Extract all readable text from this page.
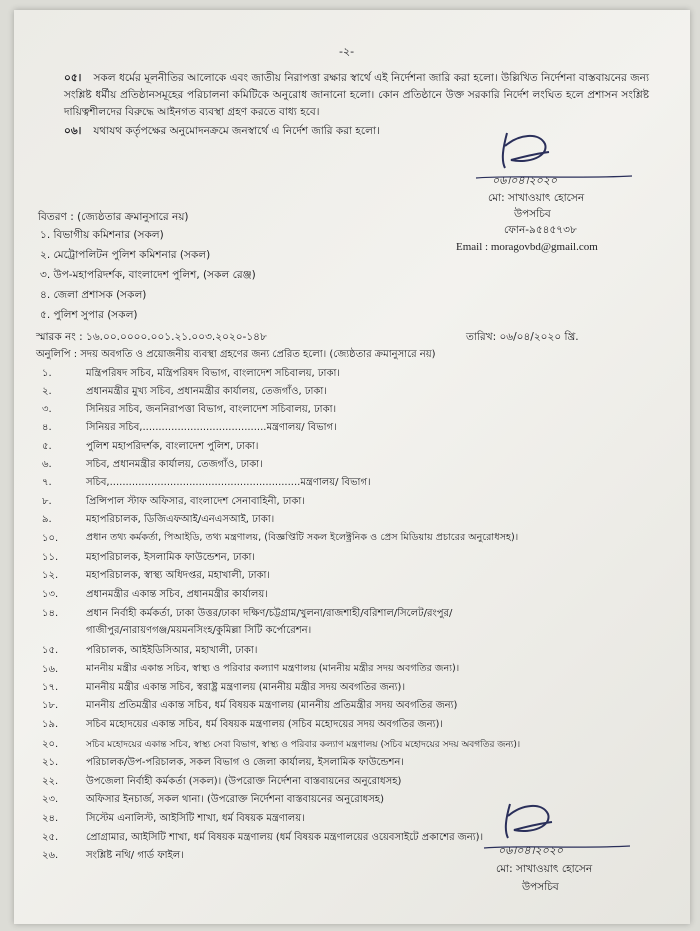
-২-
০৫। সকল ধর্মের মূলনীতির আলোকে এবং জাতীয় নিরাপত্তা রক্ষার স্বার্থে এই নির্দেশনা জারি করা হলো। উল্লিখিত নির্দেশনা বাস্তবায়নের জন্য সংশ্লিষ্ট ধর্মীয় প্রতিষ্ঠানসমূহের পরিচালনা কমিটিকে অনুরোধ জানানো হলো। কোন প্রতিষ্ঠানে উক্ত সরকারি নির্দেশ লংঘিত হলে প্রশাসন সংশ্লিষ্ট দায়িত্বশীলদের বিরুদ্ধে আইনগত ব্যবস্থা গ্রহণ করতে বাধ্য হবে।
০৬। যথাযথ কর্তৃপক্ষের অনুমোদনক্রমে জনস্বার্থে এ নির্দেশ জারি করা হলো।
০৬।০৪।২০২০
মো: সাখাওয়াৎ হোসেন
উপসচিব
ফোন-৯৫৪৫৭৩৮
Email : moragovbd@gmail.com
বিতরণ : (জ্যেষ্ঠতার ক্রমানুসারে নয়)
১. বিভাগীয় কমিশনার (সকল)
২. মেট্রোপলিটন পুলিশ কমিশনার (সকল)
৩. উপ-মহাপরিদর্শক, বাংলাদেশ পুলিশ, (সকল রেঞ্জ)
৪. জেলা প্রশাসক (সকল)
৫. পুলিশ সুপার (সকল)
স্মারক নং : ১৬.০০.০০০০.০০১.২১.০০৩.২০২০-১৪৮	তারিখ: ০৬/০৪/২০২০ খ্রি.
অনুলিপি : সদয় অবগতি ও প্রয়োজনীয় ব্যবস্থা গ্রহণের জন্য প্রেরিত হলো। (জ্যেষ্ঠতার ক্রমানুসারে নয়)
১.	মন্ত্রিপরিষদ সচিব, মন্ত্রিপরিষদ বিভাগ, বাংলাদেশ সচিবালয়, ঢাকা।
২.	প্রধানমন্ত্রীর মুখ্য সচিব, প্রধানমন্ত্রীর কার্যালয়, তেজগাঁও, ঢাকা।
৩.	সিনিয়র সচিব, জননিরাপত্তা বিভাগ, বাংলাদেশ সচিবালয়, ঢাকা।
৪.	সিনিয়র সচিব,.......................................মন্ত্রণালয়/ বিভাগ।
৫.	পুলিশ মহাপরিদর্শক, বাংলাদেশ পুলিশ, ঢাকা।
৬.	সচিব, প্রধানমন্ত্রীর কার্যালয়, তেজগাঁও, ঢাকা।
৭.	সচিব,............................................................মন্ত্রণালয়/ বিভাগ।
৮.	প্রিন্সিপাল স্টাফ অফিসার, বাংলাদেশ সেনাবাহিনী, ঢাকা।
৯.	মহাপরিচালক, ডিজিএফআই/এনএসআই, ঢাকা।
১০.	প্রধান তথ্য কর্মকর্তা, পিআইডি, তথ্য মন্ত্রণালয়, (বিজ্ঞপ্তিটি সকল ইলেক্ট্রনিক ও প্রেস মিডিয়ায় প্রচারের অনুরোধসহ)।
১১.	মহাপরিচালক, ইসলামিক ফাউন্ডেশন, ঢাকা।
১২.	মহাপরিচালক, স্বাস্থ্য অধিদপ্তর, মহাখালী, ঢাকা।
১৩.	প্রধানমন্ত্রীর একান্ত সচিব, প্রধানমন্ত্রীর কার্যালয়।
১৪.	প্রধান নির্বাহী কর্মকর্তা, ঢাকা উত্তর/ঢাকা দক্ষিণ/চট্টগ্রাম/খুলনা/রাজশাহী/বরিশাল/সিলেট/রংপুর/
গাজীপুর/নারায়ণগঞ্জ/ময়মনসিংহ/কুমিল্লা সিটি কর্পোরেশন।
১৫.	পরিচালক, আইইডিসিআর, মহাখালী, ঢাকা।
১৬.	মাননীয় মন্ত্রীর একান্ত সচিব, স্বাস্থ্য ও পরিবার কল্যাণ মন্ত্রণালয় (মাননীয় মন্ত্রীর সদয় অবগতির জন্য)।
১৭.	মাননীয় মন্ত্রীর একান্ত সচিব, স্বরাষ্ট্র মন্ত্রণালয় (মাননীয় মন্ত্রীর সদয় অবগতির জন্য)।
১৮.	মাননীয় প্রতিমন্ত্রীর একান্ত সচিব, ধর্ম বিষয়ক মন্ত্রণালয় (মাননীয় প্রতিমন্ত্রীর সদয় অবগতির জন্য)
১৯.	সচিব মহোদয়ের একান্ত সচিব, ধর্ম বিষয়ক মন্ত্রণালয় (সচিব মহোদয়ের সদয় অবগতির জন্য)।
২০.	সচিব মহোদয়ের একান্ত সচিব, স্বাস্থ্য সেবা বিভাগ, স্বাস্থ্য ও পরিবার কল্যাণ মন্ত্রণালয় (সচিব মহোদয়ের সদয় অবগতির জন্য)।
২১.	পরিচালক/উপ-পরিচালক, সকল বিভাগ ও জেলা কার্যালয়, ইসলামিক ফাউন্ডেশন।
২২.	উপজেলা নির্বাহী কর্মকর্তা (সকল)। (উপরোক্ত নির্দেশনা বাস্তবায়নের অনুরোধসহ)
২৩.	অফিসার ইনচার্জ, সকল থানা। (উপরোক্ত নির্দেশনা বাস্তবায়নের অনুরোধসহ)
২৪.	সিস্টেম এনালিস্ট, আইসিটি শাখা, ধর্ম বিষয়ক মন্ত্রণালয়।
২৫.	প্রোগ্রামার, আইসিটি শাখা, ধর্ম বিষয়ক মন্ত্রণালয় (ধর্ম বিষয়ক মন্ত্রণালয়ের ওয়েবসাইটে প্রকাশের জন্য)।
২৬.	সংশ্লিষ্ট নথি/ গার্ড ফাইল।	০৬।০৪।২০২০
মো: সাখাওয়াৎ হোসেন
উপসচিব
